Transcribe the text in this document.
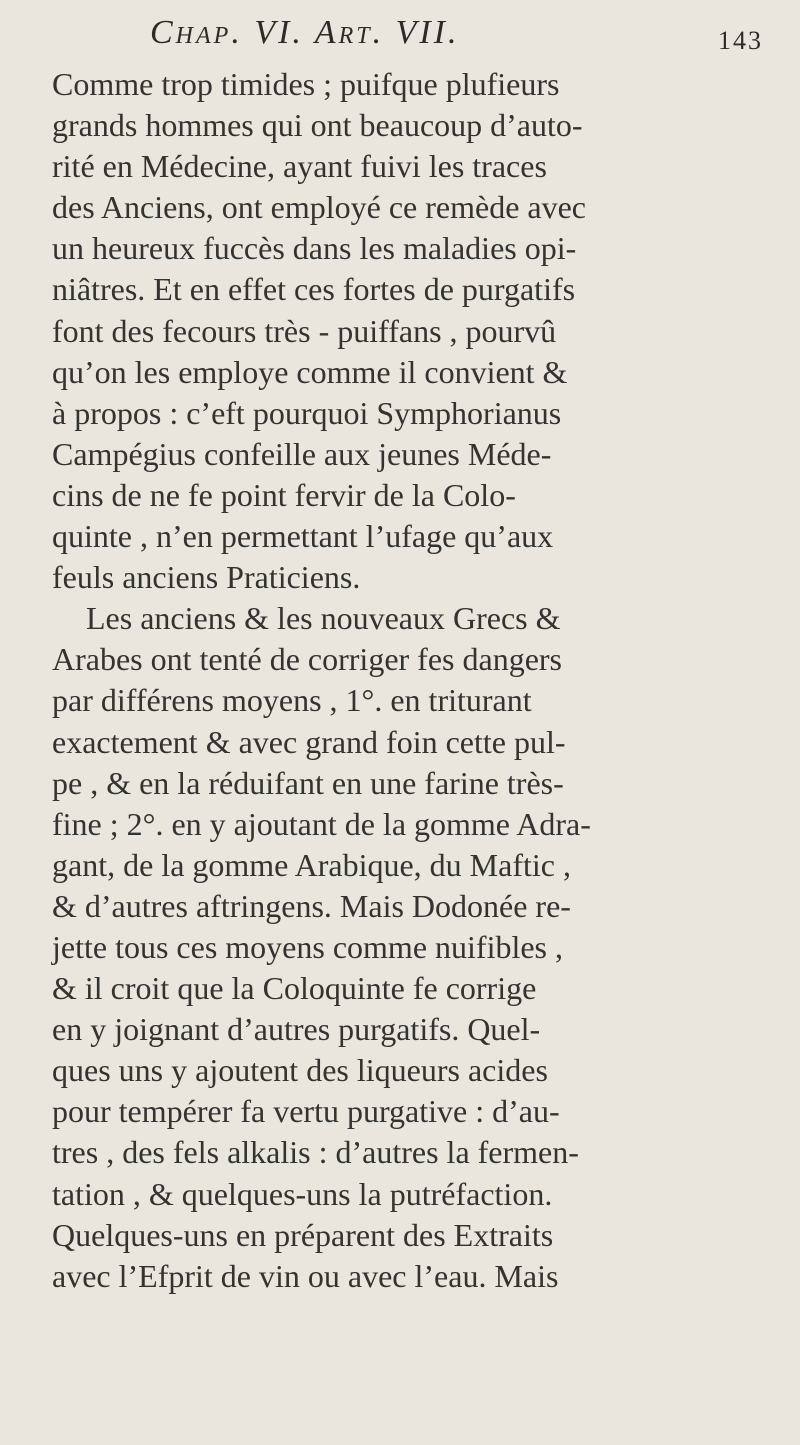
Chap. VI. Art. VII.	143
Comme trop timides ; puifque plufieurs
grands hommes qui ont beaucoup d’auto-
rité en Médecine, ayant fuivi les traces
des Anciens, ont employé ce remède avec
un heureux fuccès dans les maladies opi-
niâtres. Et en effet ces fortes de purgatifs
font des fecours très - puiffans , pourvû
qu’on les employe comme il convient &
à propos : c’eft pourquoi Symphorianus
Campégius confeille aux jeunes Méde-
cins de ne fe point fervir de la Colo-
quinte , n’en permettant l’ufage qu’aux
feuls anciens Praticiens.
Les anciens & les nouveaux Grecs &
Arabes ont tenté de corriger fes dangers
par différens moyens , 1°. en triturant
exactement & avec grand foin cette pul-
pe , & en la réduifant en une farine très-
fine ; 2°. en y ajoutant de la gomme Adra-
gant, de la gomme Arabique, du Maftic ,
& d’autres aftringens. Mais Dodonée re-
jette tous ces moyens comme nuifibles ,
& il croit que la Coloquinte fe corrige
en y joignant d’autres purgatifs. Quel-
ques uns y ajoutent des liqueurs acides
pour tempérer fa vertu purgative : d’au-
tres , des fels alkalis : d’autres la fermen-
tation , & quelques-uns la putréfaction.
Quelques-uns en préparent des Extraits
avec l’Efprit de vin ou avec l’eau. Mais
